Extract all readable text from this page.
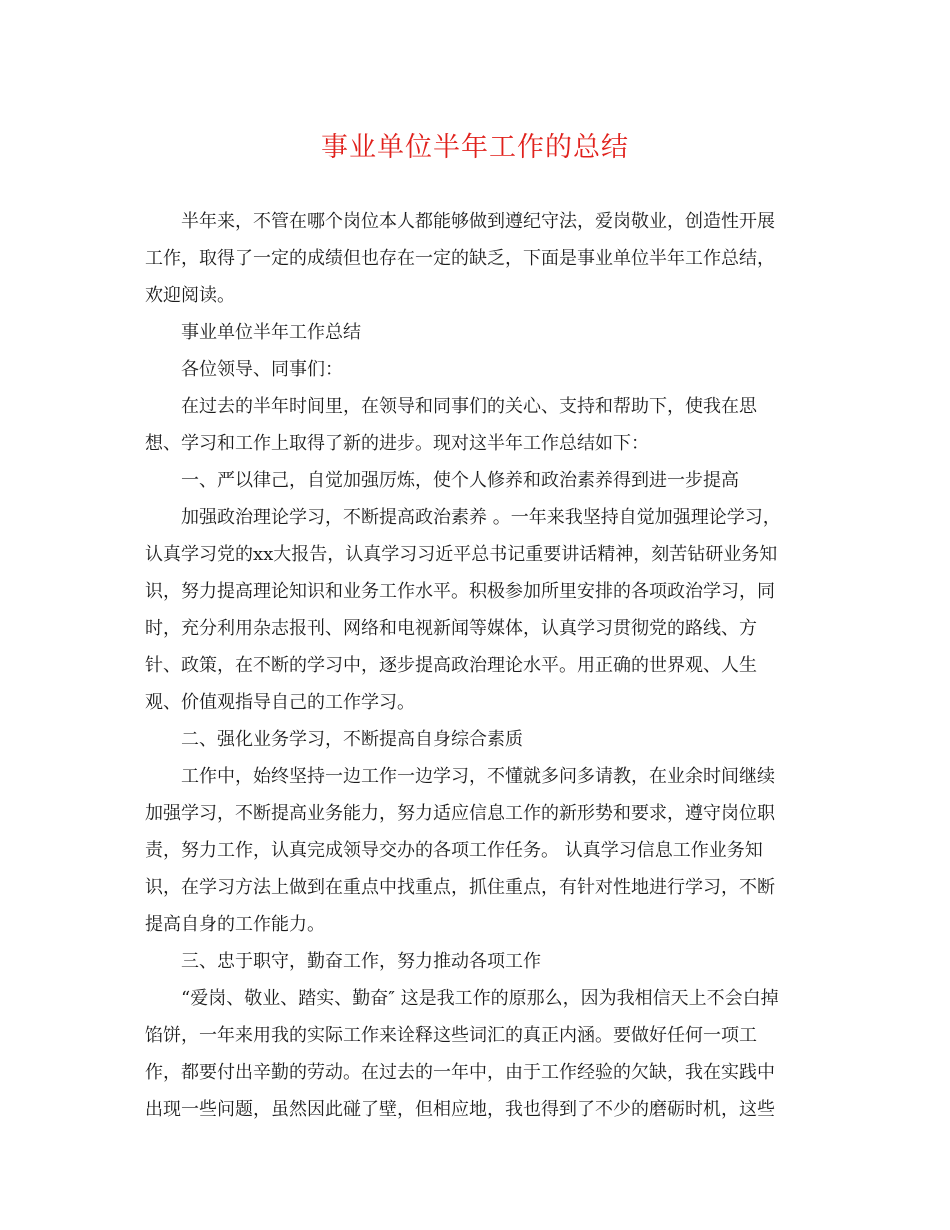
事业单位半年工作的总结

半年来，不管在哪个岗位本人都能够做到遵纪守法，爱岗敬业，创造性开展

工作，取得了一定的成绩但也存在一定的缺乏，下面是事业单位半年工作总结，

欢迎阅读。

事业单位半年工作总结

各位领导、同事们：

在过去的半年时间里，在领导和同事们的关心、支持和帮助下，使我在思

想、学习和工作上取得了新的进步。现对这半年工作总结如下：

一、严以律己，自觉加强厉炼，使个人修养和政治素养得到进一步提高

加强政治理论学习，不断提高政治素养 。一年来我坚持自觉加强理论学习，

认真学习党的xx大报告，认真学习习近平总书记重要讲话精神，刻苦钻研业务知

识，努力提高理论知识和业务工作水平。积极参加所里安排的各项政治学习，同

时，充分利用杂志报刊、网络和电视新闻等媒体，认真学习贯彻党的路线、方

针、政策，在不断的学习中，逐步提高政治理论水平。用正确的世界观、人生

观、价值观指导自己的工作学习。

二、强化业务学习，不断提高自身综合素质

工作中，始终坚持一边工作一边学习，不懂就多问多请教，在业余时间继续

加强学习，不断提高业务能力，努力适应信息工作的新形势和要求，遵守岗位职

责，努力工作，认真完成领导交办的各项工作任务。 认真学习信息工作业务知

识，在学习方法上做到在重点中找重点，抓住重点，有针对性地进行学习，不断

提高自身的工作能力。

三、忠于职守，勤奋工作，努力推动各项工作

“爱岗、敬业、踏实、勤奋″ 这是我工作的原那么，因为我相信天上不会白掉

馅饼，一年来用我的实际工作来诠释这些词汇的真正内涵。要做好任何一项工

作，都要付出辛勤的劳动。在过去的一年中，由于工作经验的欠缺，我在实践中

出现一些问题，虽然因此碰了壁，但相应地，我也得到了不少的磨砺时机，这些
